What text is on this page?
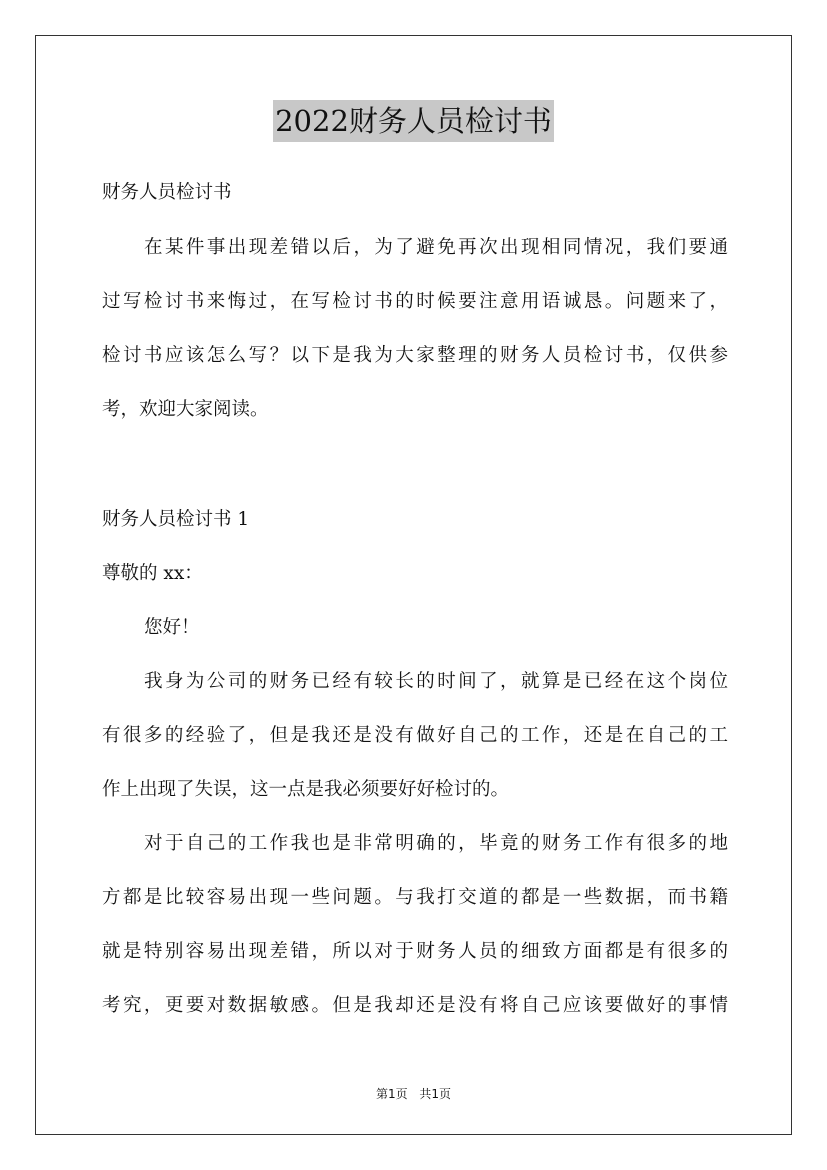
2022财务人员检讨书
财务人员检讨书
在某件事出现差错以后，为了避免再次出现相同情况，我们要通
过写检讨书来悔过，在写检讨书的时候要注意用语诚恳。问题来了，
检讨书应该怎么写？以下是我为大家整理的财务人员检讨书，仅供参
考，欢迎大家阅读。
财务人员检讨书 1
尊敬的 xx：
您好！
我身为公司的财务已经有较长的时间了，就算是已经在这个岗位
有很多的经验了，但是我还是没有做好自己的工作，还是在自己的工
作上出现了失误，这一点是我必须要好好检讨的。
对于自己的工作我也是非常明确的，毕竟的财务工作有很多的地
方都是比较容易出现一些问题。与我打交道的都是一些数据，而书籍
就是特别容易出现差错，所以对于财务人员的细致方面都是有很多的
考究，更要对数据敏感。但是我却还是没有将自己应该要做好的事情
第1页 共1页
